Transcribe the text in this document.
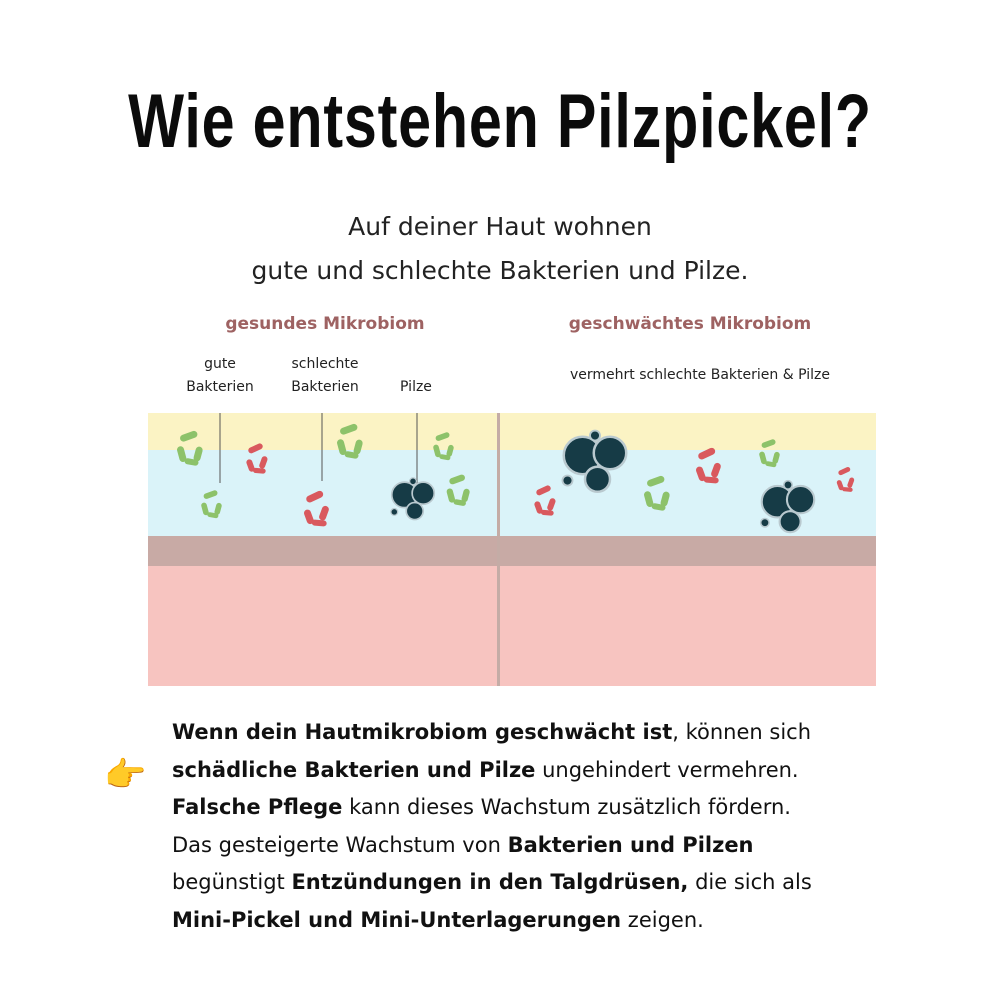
Wie entstehen Pilzpickel?
Auf deiner Haut wohnen
gute und schlechte Bakterien und Pilze.
gesundes Mikrobiom	geschwächtes Mikrobiom
gute
Bakterien
schlechte
Bakterien	Pilze
vermehrt schlechte Bakterien & Pilze
👉
Wenn dein Hautmikrobiom geschwächt ist, können sich
schädliche Bakterien und Pilze ungehindert vermehren.
Falsche Pflege kann dieses Wachstum zusätzlich fördern.
Das gesteigerte Wachstum von Bakterien und Pilzen
begünstigt Entzündungen in den Talgdrüsen, die sich als
Mini-Pickel und Mini-Unterlagerungen zeigen.
